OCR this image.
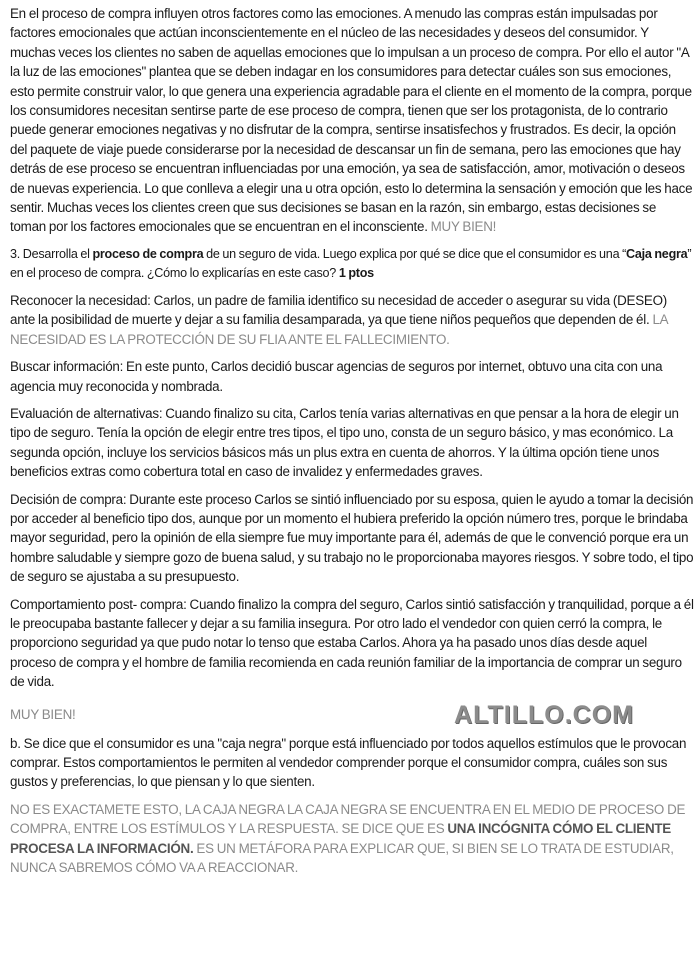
En el proceso de compra influyen otros factores como las emociones. A menudo las compras están impulsadas por factores emocionales que actúan inconscientemente en el núcleo de las necesidades y deseos del consumidor. Y muchas veces los clientes no saben de aquellas emociones que lo impulsan a un proceso de compra. Por ello el autor "A la luz de las emociones" plantea que se deben indagar en los consumidores para detectar cuáles son sus emociones, esto permite construir valor, lo que genera una experiencia agradable para el cliente en el momento de la compra, porque los consumidores necesitan sentirse parte de ese proceso de compra, tienen que ser los protagonista, de lo contrario puede generar emociones negativas y no disfrutar de la compra, sentirse insatisfechos y frustrados. Es decir, la opción del paquete de viaje puede considerarse por la necesidad de descansar un fin de semana, pero las emociones que hay detrás de ese proceso se encuentran influenciadas por una emoción, ya sea de satisfacción, amor, motivación o deseos de nuevas experiencia. Lo que conlleva a elegir una u otra opción, esto lo determina la sensación y emoción que les hace sentir. Muchas veces los clientes creen que sus decisiones se basan en la razón, sin embargo, estas decisiones se toman por los factores emocionales que se encuentran en el inconsciente. MUY BIEN!

3. Desarrolla el proceso de compra de un seguro de vida. Luego explica por qué se dice que el consumidor es una “Caja negra” en el proceso de compra. ¿Cómo lo explicarías en este caso? 1 ptos

Reconocer la necesidad: Carlos, un padre de familia identifico su necesidad de acceder o asegurar su vida (DESEO) ante la posibilidad de muerte y dejar a su familia desamparada, ya que tiene niños pequeños que dependen de él. LA NECESIDAD ES LA PROTECCIÓN DE SU FLIA ANTE EL FALLECIMIENTO.

Buscar información: En este punto, Carlos decidió buscar agencias de seguros por internet, obtuvo una cita con una agencia muy reconocida y nombrada.

Evaluación de alternativas: Cuando finalizo su cita, Carlos tenía varias alternativas en que pensar a la hora de elegir un tipo de seguro. Tenía la opción de elegir entre tres tipos, el tipo uno, consta de un seguro básico, y mas económico. La segunda opción, incluye los servicios básicos más un plus extra en cuenta de ahorros. Y la última opción tiene unos beneficios extras como cobertura total en caso de invalidez y enfermedades graves.

Decisión de compra: Durante este proceso Carlos se sintió influenciado por su esposa, quien le ayudo a tomar la decisión por acceder al beneficio tipo dos, aunque por un momento el hubiera preferido la opción número tres, porque le brindaba mayor seguridad, pero la opinión de ella siempre fue muy importante para él, además de que le convenció porque era un hombre saludable y siempre gozo de buena salud, y su trabajo no le proporcionaba mayores riesgos. Y sobre todo, el tipo de seguro se ajustaba a su presupuesto.

Comportamiento post- compra: Cuando finalizo la compra del seguro, Carlos sintió satisfacción y tranquilidad, porque a él le preocupaba bastante fallecer y dejar a su familia insegura. Por otro lado el vendedor con quien cerró la compra, le proporciono seguridad ya que pudo notar lo tenso que estaba Carlos. Ahora ya ha pasado unos días desde aquel proceso de compra y el hombre de familia recomienda en cada reunión familiar de la importancia de comprar un seguro de vida.

MUY BIEN!	ALTILLO.COM

b. Se dice que el consumidor es una "caja negra" porque está influenciado por todos aquellos estímulos que le provocan comprar. Estos comportamientos le permiten al vendedor comprender porque el consumidor compra, cuáles son sus gustos y preferencias, lo que piensan y lo que sienten.

NO ES EXACTAMETE ESTO, LA CAJA NEGRA LA CAJA NEGRA SE ENCUENTRA EN EL MEDIO DE PROCESO DE COMPRA, ENTRE LOS ESTÍMULOS Y LA RESPUESTA. SE DICE QUE ES UNA INCÓGNITA CÓMO EL CLIENTE PROCESA LA INFORMACIÓN. ES UN METÁFORA PARA EXPLICAR QUE, SI BIEN SE LO TRATA DE ESTUDIAR, NUNCA SABREMOS CÓMO VA A REACCIONAR.
